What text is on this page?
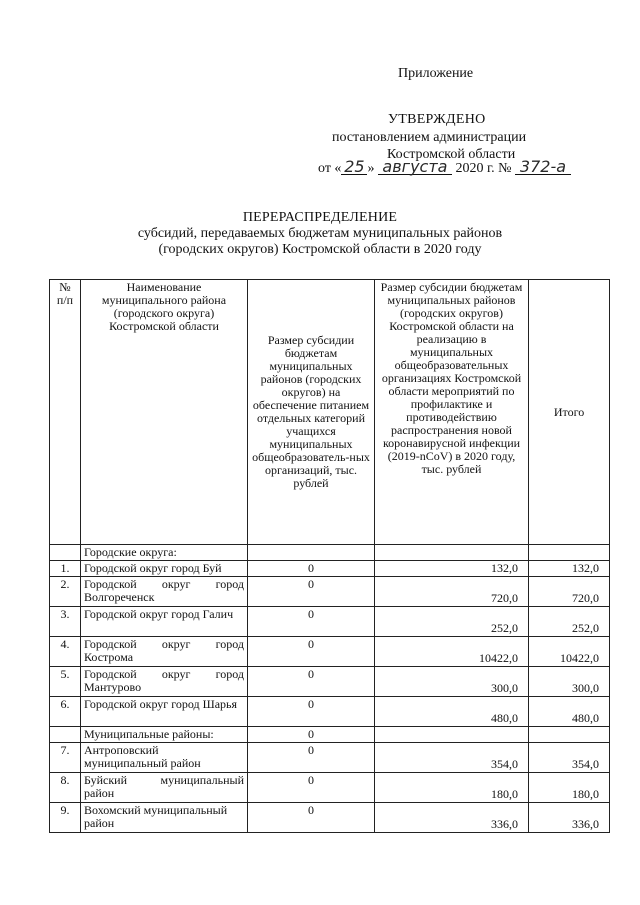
Приложение
УТВЕРЖДЕНО
постановлением администрации
Костромской области
от « 25 » августа 2020 г. № 372-а
ПЕРЕРАСПРЕДЕЛЕНИЕ
субсидий, передаваемых бюджетам муниципальных районов
(городских округов) Костромской области в 2020 году
№ п/п	Наименование муниципального района (городского округа) Костромской области	Размер субсидии бюджетам муниципальных районов (городских округов) на обеспечение питанием отдельных категорий учащихся муниципальных общеобразователь-ных организаций, тыс. рублей	Размер субсидии бюджетам муниципальных районов (городских округов) Костромской области на реализацию в муниципальных общеобразовательных организациях Костромской области мероприятий по профилактике и противодействию распространения новой коронавирусной инфекции (2019-nCoV) в 2020 году, тыс. рублей	Итого
	Городские округа:			
1.	Городской округ город Буй	0	132,0	132,0
2.	Городской округ город Волгореченск	0	720,0	720,0
3.	Городской округ город Галич	0	252,0	252,0
4.	Городской округ город Кострома	0	10422,0	10422,0
5.	Городской округ город Мантурово	0	300,0	300,0
6.	Городской округ город Шарья	0	480,0	480,0
	Муниципальные районы:	0		
7.	Антроповский муниципальный район	0	354,0	354,0
8.	Буйский муниципальный район	0	180,0	180,0
9.	Вохомский муниципальный район	0	336,0	336,0
